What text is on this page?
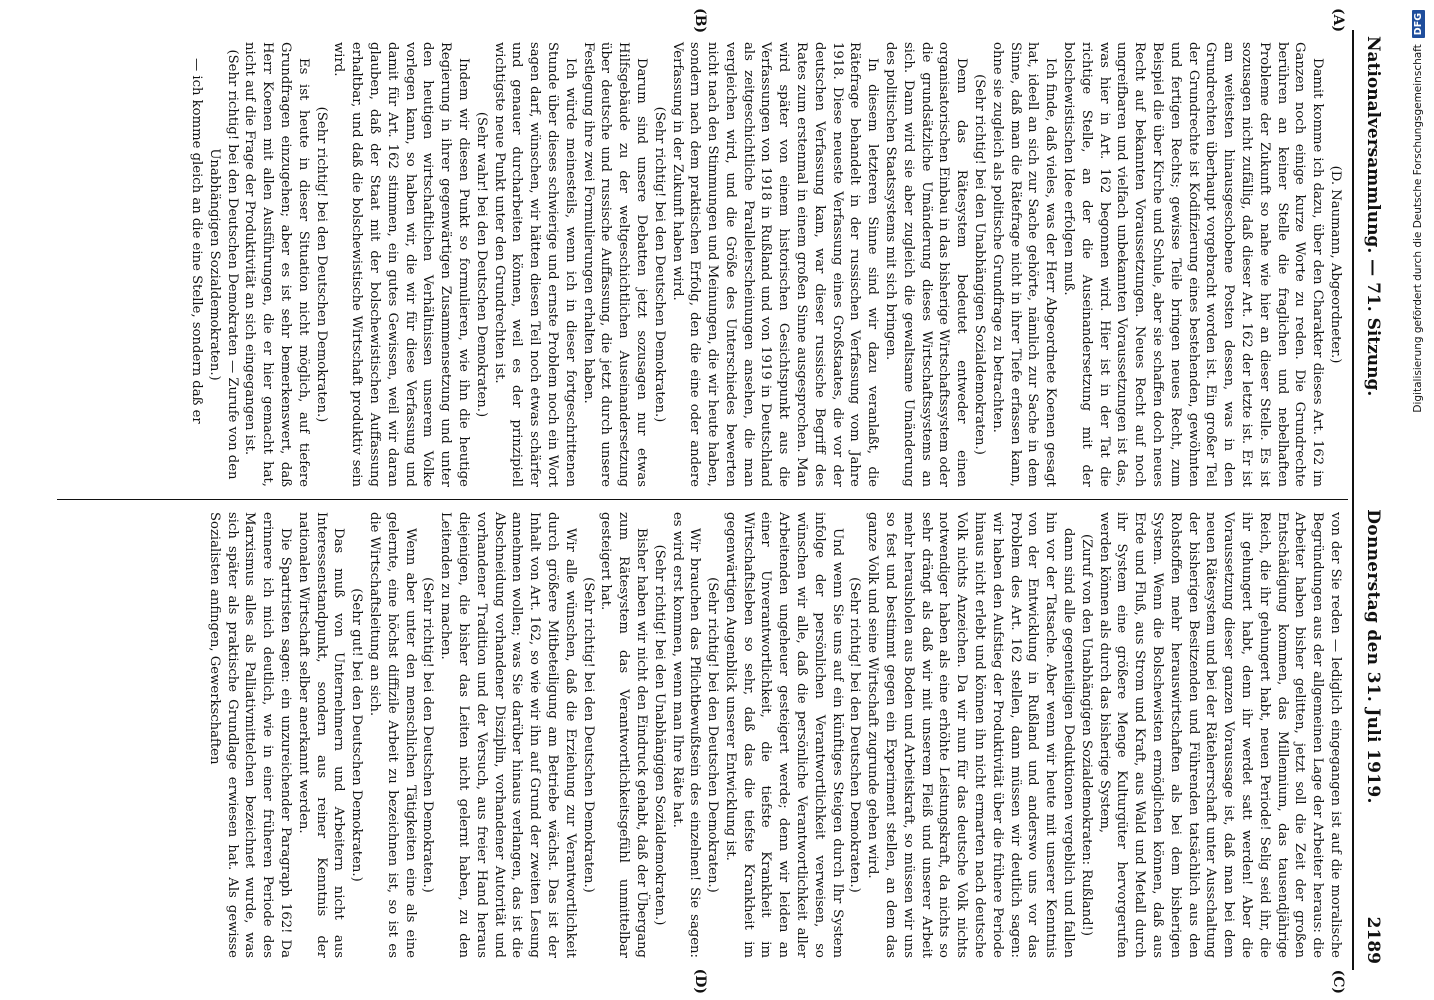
Nationalversammlung. — 71. Sitzung.
Donnerstag den 31. Juli 1919.
2189
(A)
(B)

(D. Naumann, Abgeordneter.)

Damit komme ich dazu, über den Charakter dieses Art. 162 im Ganzen noch einige kurze Worte zu reden. Die Grundrechte berühren an keiner Stelle die fraglichen und nebelhaften Probleme der Zukunft so nahe wie hier an dieser Stelle. Es ist sozusagen nicht zufällig, daß dieser Art. 162 der letzte ist. Er ist am weitesten hinausgeschobene Posten dessen, was in den Grundrechten überhaupt vorgebracht worden ist. Ein großer Teil der Grundrechte ist Kodifizierung eines bestehenden, gewöhnten und fertigen Rechts; gewisse Teile bringen neues Recht, zum Beispiel die über Kirche und Schule, aber sie schaffen doch neues Recht auf bekannten Voraussetzungen. Neues Recht auf noch ungreifbaren und vielfach unbekannten Voraussetzungen ist das, was hier in Art. 162 begonnen wird. Hier ist in der Tat die richtige Stelle, an der die Auseinandersetzung mit der bolschewistischen Idee erfolgen muß.

Ich finde, daß vieles, was der Herr Abgeordnete Koenen gesagt hat, ideell an sich zur Sache gehörte, nämlich zur Sache in dem Sinne, daß man die Rätefrage nicht in ihrer Tiefe erfassen kann, ohne sie zugleich als politische Grundfrage zu betrachten.

(Sehr richtig! bei den Unabhängigen Sozialdemokraten.)

Denn das Rätesystem bedeutet entweder einen organisatorischen Einbau in das bisherige Wirtschaftssystem oder die grundsätzliche Umänderung dieses Wirtschaftssystems an sich. Dann wird sie aber zugleich die gewaltsame Umänderung des politischen Staatssystems mit sich bringen.

In diesem letzteren Sinne sind wir dazu veranlaßt, die Rätefrage behandelt in der russischen Verfassung vom Jahre 1918. Diese neueste Verfassung eines Großstaates, die vor der deutschen Verfassung kam, war dieser russische Begriff des Rates zum erstenmal in einem großen Sinne ausgesprochen. Man wird später von einem historischen Gesichtspunkt aus die Verfassungen von 1918 in Rußland und von 1919 in Deutschland als zeitgeschichtliche Parallelerscheinungen ansehen, die man vergleichen wird, und die Größe des Unterschiedes bewerten nicht nach den Stimmungen und Meinungen, die wir heute haben, sondern nach dem praktischen Erfolg, den die eine oder andere Verfassung in der Zukunft haben wird.

(Sehr richtig! bei den Deutschen Demokraten.)

Darum sind unsere Debatten jetzt sozusagen nur etwas Hilfsgebäude zu der weltgeschichtlichen Auseinandersetzung über deutsche und russische Auffassung, die jetzt durch unsere Festlegung ihre zwei Formulierungen erhalten haben.

Ich würde meinesteils, wenn ich in dieser fortgeschrittenen Stunde über dieses schwierige und ernste Problem noch ein Wort sagen darf, wünschen, wir hätten diesen Teil noch etwas schärfer und genauer durcharbeiten können, weil es der prinzipiell wichtigste neue Punkt unter den Grundrechten ist.

(Sehr wahr! bei den Deutschen Demokraten.)

Indem wir diesen Punkt so formulieren, wie ihn die heutige Regierung in ihrer gegenwärtigen Zusammensetzung und unter den heutigen wirtschaftlichen Verhältnissen unserem Volke vorlegen kann, so haben wir, die wir für diese Verfassung und damit für Art. 162 stimmen, ein gutes Gewissen, weil wir daran glauben, daß der Staat mit der bolschewistischen Auffassung erhaltbar, und daß die bolschewistische Wirtschaft produktiv sein wird.

(Sehr richtig! bei den Deutschen Demokraten.)

Es ist heute in dieser Situation nicht möglich, auf tiefere Grundfragen einzugehen; aber es ist sehr bemerkenswert, daß Herr Koenen mit allen Ausführungen, die er hier gemacht hat, nicht auf die Frage der Produktivität an sich eingegangen ist.

(Sehr richtig! bei den Deutschen Demokraten — Zurufe von den Unabhängigen Sozialdemokraten.)

— ich komme gleich an die eine Stelle, sondern daß er

(C)
(D)

von der Sie reden — lediglich eingegangen ist auf die moralische Begründungen aus der allgemeinen Lage der Arbeiter heraus: die Arbeiter haben bisher gelitten, jetzt soll die Zeit der großen Entschädigung kommen, das Millennium, das tausendjährige Reich, die ihr gehungert habt, neuen Periode! Selig seid ihr, die ihr gehungert habt, denn ihr werdet satt werden! Aber die Voraussetzung dieser ganzen Voraussage ist, daß man bei dem neuen Rätesystem und bei der Räteherrschaft unter Ausschaltung der bisherigen Besitzenden und Führenden tatsächlich aus den Rohstoffen mehr herauswirtschaften als bei dem bisherigen System. Wenn die Bolschewisten ermöglichen können, daß aus Erde und Fluß, aus Strom und Kraft, aus Wald und Metall durch ihr System eine größere Menge Kulturgüter hervorgerufen werden können als durch das bisherige System,

(Zuruf von den Unabhängigen Sozialdemokraten: Rußland!)

dann sind alle gegenteiligen Deduktionen vergeblich und fallen hin vor der Tatsache. Aber wenn wir heute mit unserer Kenntnis von der Entwicklung in Rußland und anderswo uns vor das Problem des Art. 162 stellen, dann müssen wir deutlich sagen: wir haben den Aufstieg der Produktivität über die frühere Periode hinaus nicht erlebt und können ihn nicht ermarten nach deutsche Volk nichts Anzeichen. Da wir nun für das deutsche Volk nichts notwendiger haben als eine erhöhte Leistungskraft, da nichts so sehr drängt als daß wir mit unserem Fleiß und unserer Arbeit mehr herausholen aus Boden und Arbeitskraft, so müssen wir uns so fest und bestimmt gegen ein Experiment stellen, an dem das ganze Volk und seine Wirtschaft zugrunde gehen wird.

(Sehr richtig! bei den Deutschen Demokraten.)

Und wenn Sie uns auf ein künftiges Steigen durch Ihr System infolge der persönlichen Verantwortlichkeit verweisen, so wünschen wir alle, daß die persönliche Verantwortlichkeit aller Arbeitenden ungeheuer gesteigert werde; denn wir leiden an einer Unverantwortlichkeit, die tiefste Krankheit im Wirtschaftsleben so sehr, daß das die tiefste Krankheit im gegenwärtigen Augenblick unserer Entwicklung ist.

(Sehr richtig! bei den Deutschen Demokraten.)

Wir brauchen das Pflichtbewußtsein des einzelnen! Sie sagen: es wird erst kommen, wenn man Ihre Räte hat.

(Sehr richtig! bei den Unabhängigen Sozialdemokraten.)

Bisher haben wir nicht den Eindruck gehabt, daß der Übergang zum Rätesystem das Verantwortlichkeitsgefühl unmittelbar gesteigert hat.

(Sehr richtig! bei den Deutschen Demokraten.)

Wir alle wünschen, daß die Erziehung zur Verantwortlichkeit durch größere Mitbeteiligung am Betriebe wächst. Das ist der Inhalt von Art. 162, so wie wir ihn auf Grund der zweiten Lesung annehmen wollen; was Sie darüber hinaus verlangen, das ist die Abschneidung vorhandener Disziplin, vorhandener Autorität und vorhandener Tradition und der Versuch, aus freier Hand heraus diejenigen, die bisher das Leiten nicht gelernt haben, zu den Leitenden zu machen.

(Sehr richtig! bei den Deutschen Demokraten.)

Wenn aber unter den menschlichen Tätigkeiten eine als eine gelernte, eine höchst diffizile Arbeit zu bezeichnen ist, so ist es die Wirtschaftsleitung an sich.

(Sehr gut! bei den Deutschen Demokraten.)

Das muß von Unternehmern und Arbeitern nicht aus Interessenstandpunkt, sondern aus reiner Kenntnis der nationalen Wirtschaft selber anerkannt werden.

Die Spartristen sagen: ein unzureichender Paragraph 162! Da erinnere ich mich deutlich, wie in einer früheren Periode des Marxismus alles als Palliativmittelchen bezeichnet wurde, was sich später als praktische Grundlage erwiesen hat. Als gewisse Sozialisten anfingen, Gewerkschaften

Digitalisierung gefördert durch die Deutsche Forschungsgemeinschaft
DFG
